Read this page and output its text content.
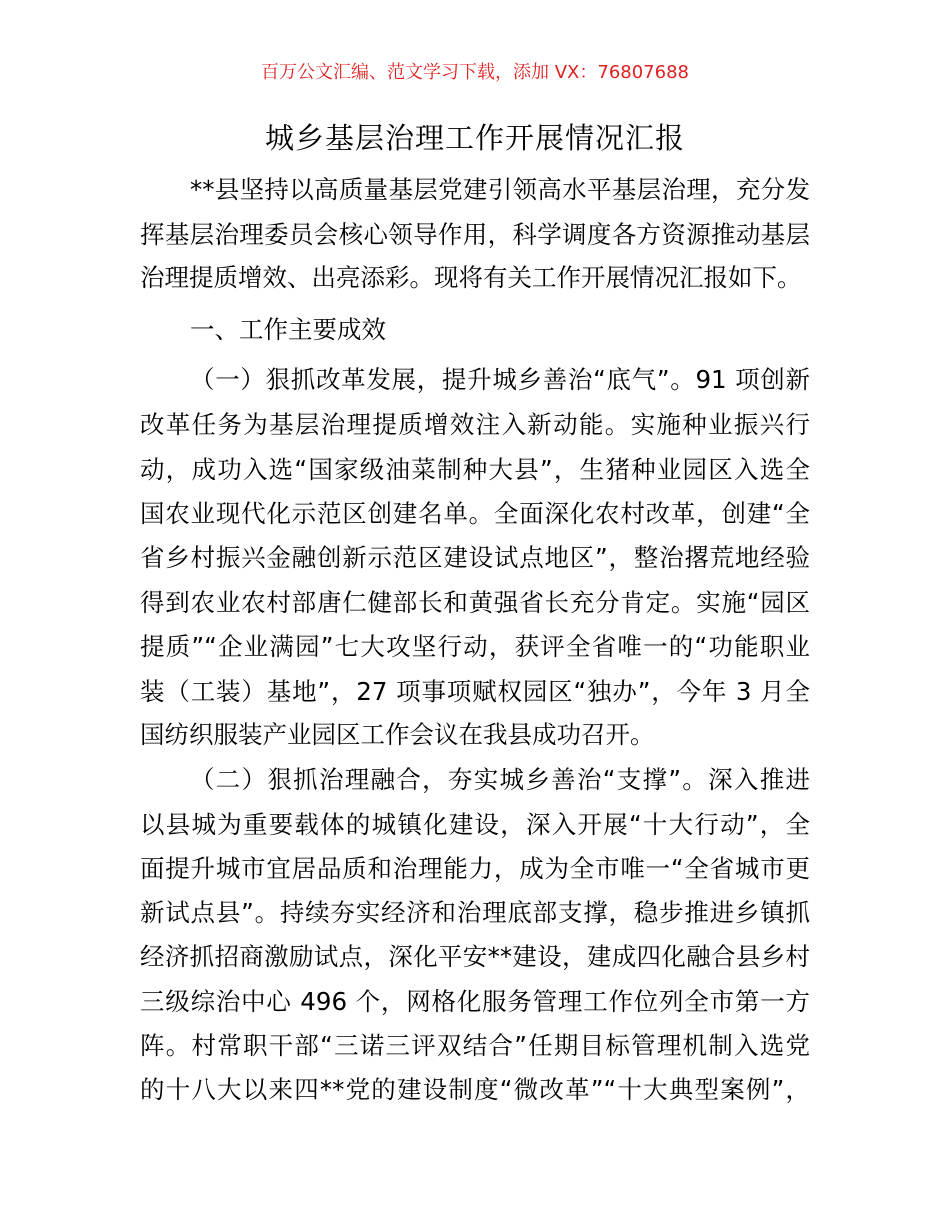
百万公文汇编、范文学习下载，添加 VX：76807688
城乡基层治理工作开展情况汇报
**县坚持以高质量基层党建引领高水平基层治理，充分发
挥基层治理委员会核心领导作用，科学调度各方资源推动基层
治理提质增效、出亮添彩。现将有关工作开展情况汇报如下。
一、工作主要成效
（一）狠抓改革发展，提升城乡善治“底气”。91 项创新
改革任务为基层治理提质增效注入新动能。实施种业振兴行
动，成功入选“国家级油菜制种大县”，生猪种业园区入选全
国农业现代化示范区创建名单。全面深化农村改革，创建“全
省乡村振兴金融创新示范区建设试点地区”，整治撂荒地经验
得到农业农村部唐仁健部长和黄强省长充分肯定。实施“园区
提质”“企业满园”七大攻坚行动，获评全省唯一的“功能职业
装（工装）基地”，27 项事项赋权园区“独办”，今年 3 月全
国纺织服装产业园区工作会议在我县成功召开。
（二）狠抓治理融合，夯实城乡善治“支撑”。深入推进
以县城为重要载体的城镇化建设，深入开展“十大行动”，全
面提升城市宜居品质和治理能力，成为全市唯一“全省城市更
新试点县”。持续夯实经济和治理底部支撑，稳步推进乡镇抓
经济抓招商激励试点，深化平安**建设，建成四化融合县乡村
三级综治中心 496 个，网格化服务管理工作位列全市第一方
阵。村常职干部“三诺三评双结合”任期目标管理机制入选党
的十八大以来四**党的建设制度“微改革”“十大典型案例”，
